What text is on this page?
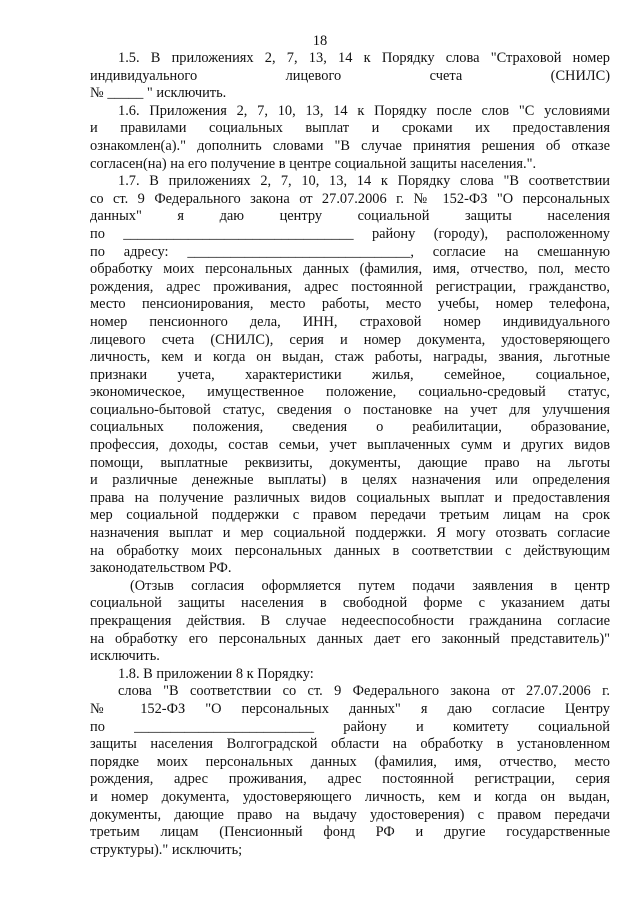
18
1.5. В приложениях 2, 7, 13, 14 к Порядку слова "Страховой номер
индивидуального лицевого счета (СНИЛС)
№ _____ " исключить.
1.6. Приложения 2, 7, 10, 13, 14 к Порядку после слов "С условиями
и правилами социальных выплат и сроками их предоставления
ознакомлен(а)." дополнить словами "В случае принятия решения об отказе
согласен(на) на его получение в центре социальной защиты населения.".
1.7. В приложениях 2, 7, 10, 13, 14 к Порядку слова "В соответствии
со ст. 9 Федерального закона от 27.07.2006 г. № 152-ФЗ "О персональных
данных" я даю центру социальной защиты населения
по ________________________________ району (городу), расположенному
по адресу: _______________________________, согласие на смешанную
обработку моих персональных данных (фамилия, имя, отчество, пол, место
рождения, адрес проживания, адрес постоянной регистрации, гражданство,
место пенсионирования, место работы, место учебы, номер телефона,
номер пенсионного дела, ИНН, страховой номер индивидуального
лицевого счета (СНИЛС), серия и номер документа, удостоверяющего
личность, кем и когда он выдан, стаж работы, награды, звания, льготные
признаки учета, характеристики жилья, семейное, социальное,
экономическое, имущественное положение, социально-средовый статус,
социально-бытовой статус, сведения о постановке на учет для улучшения
социальных положения, сведения о реабилитации, образование,
профессия, доходы, состав семьи, учет выплаченных сумм и других видов
помощи, выплатные реквизиты, документы, дающие право на льготы
и различные денежные выплаты) в целях назначения или определения
права на получение различных видов социальных выплат и предоставления
мер социальной поддержки с правом передачи третьим лицам на срок
назначения выплат и мер социальной поддержки. Я могу отозвать согласие
на обработку моих персональных данных в соответствии с действующим
законодательством РФ.
(Отзыв согласия оформляется путем подачи заявления в центр
социальной защиты населения в свободной форме с указанием даты
прекращения действия. В случае недееспособности гражданина согласие
на обработку его персональных данных дает его законный представитель)"
исключить.
1.8. В приложении 8 к Порядку:
слова "В соответствии со ст. 9 Федерального закона от 27.07.2006 г.
№ 152-ФЗ "О персональных данных" я даю согласие Центру
по _________________________ району и комитету социальной
защиты населения Волгоградской области на обработку в установленном
порядке моих персональных данных (фамилия, имя, отчество, место
рождения, адрес проживания, адрес постоянной регистрации, серия
и номер документа, удостоверяющего личность, кем и когда он выдан,
документы, дающие право на выдачу удостоверения) с правом передачи
третьим лицам (Пенсионный фонд РФ и другие государственные
структуры)." исключить;
